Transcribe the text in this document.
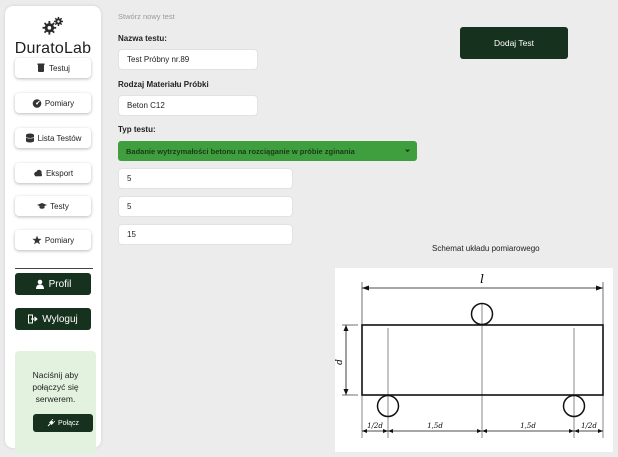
DuratoLab
Testuj
Pomiary
Lista Testów
Eksport
Testy
Pomiary
Profil
Wyloguj
Naciśnij aby połączyć się serwerem.
Połącz
Stwórz nowy test
Nazwa testu:
Test Próbny nr.89
Rodzaj Materiału Próbki
Beton C12
Typ testu:
Badanie wytrzymałości betonu na rozciąganie w próbie zginania
5
5
15
Dodaj Test
Schemat układu pomiarowego
l
d
1/2d	1,5d	1,5d	1/2d
